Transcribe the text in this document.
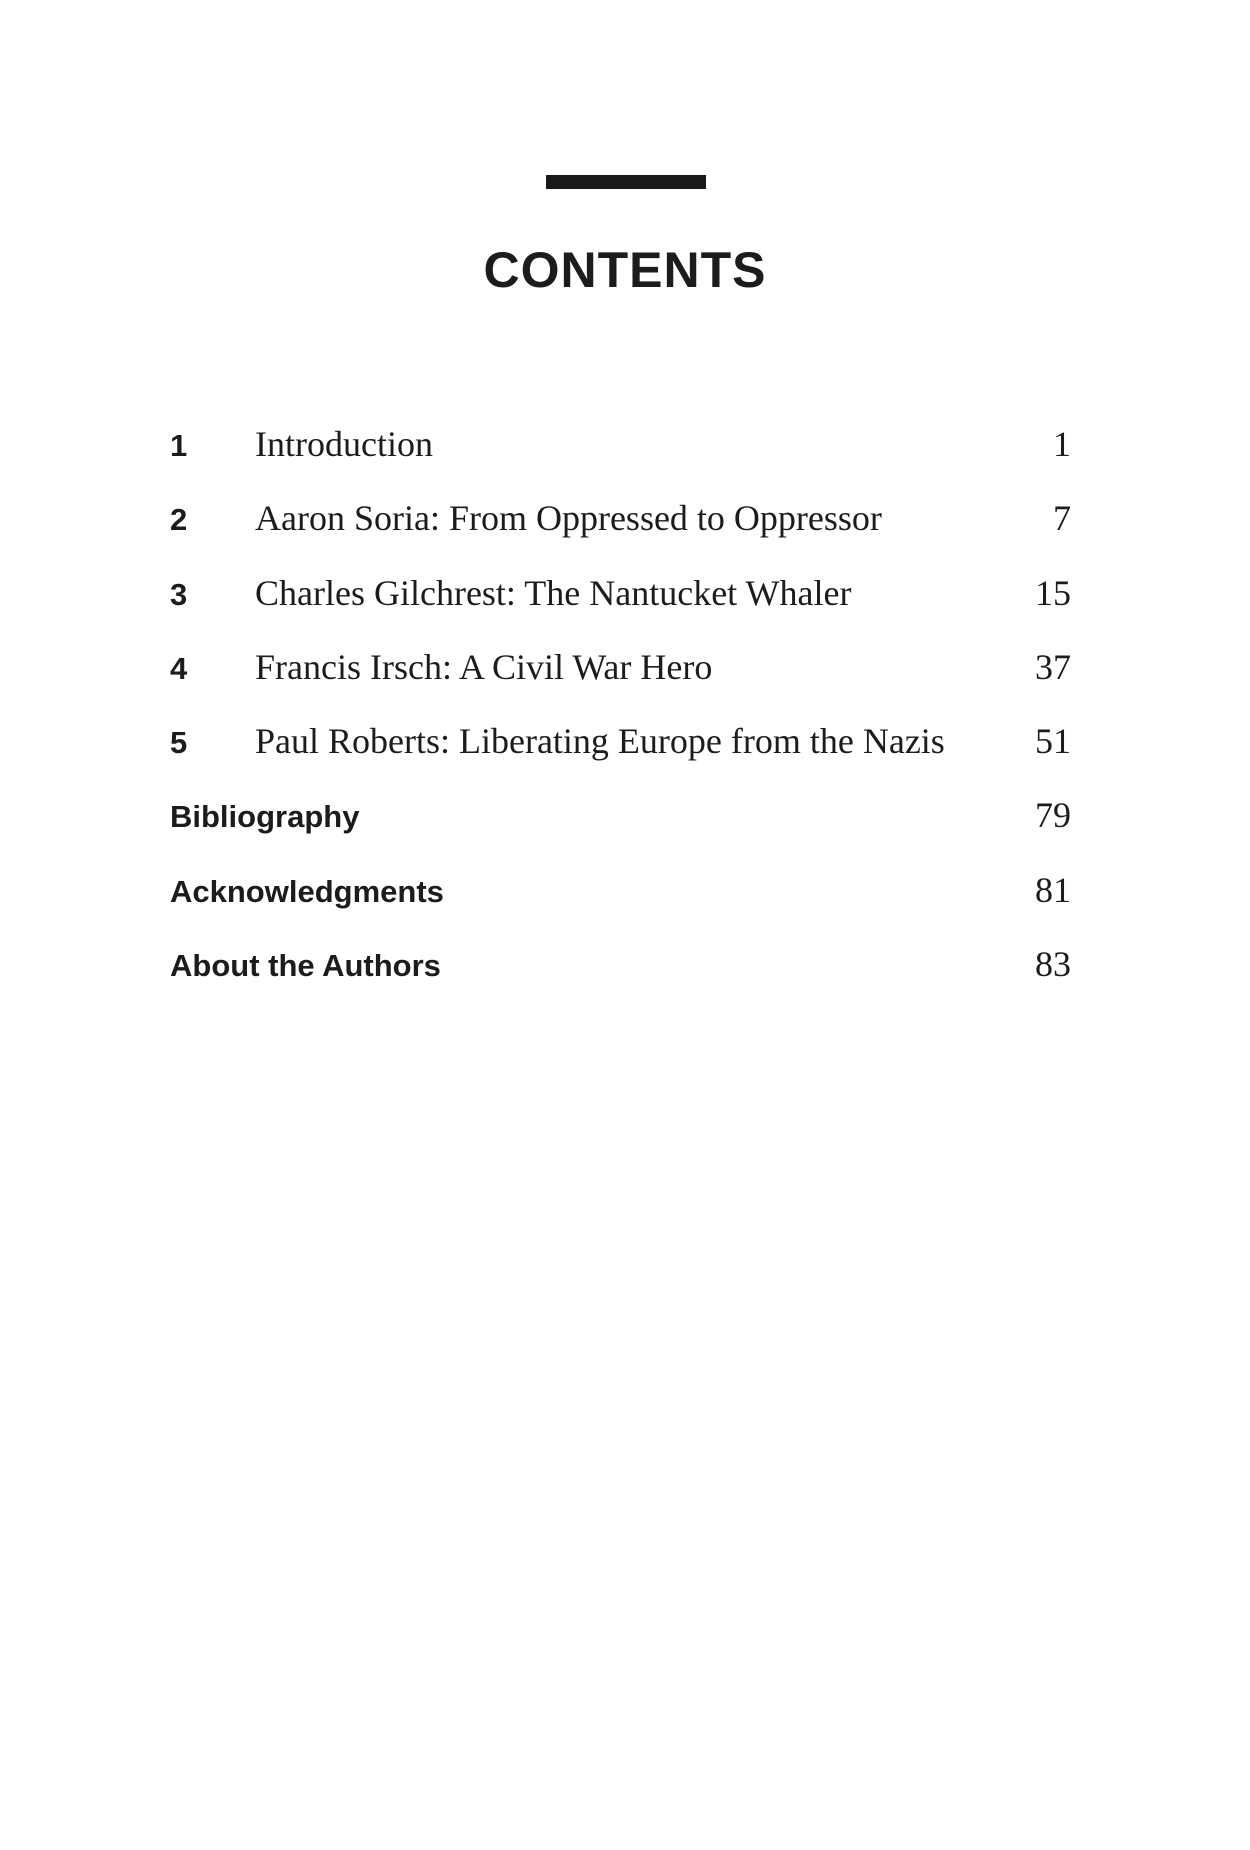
CONTENTS
1	Introduction	1
2	Aaron Soria: From Oppressed to Oppressor	7
3	Charles Gilchrest: The Nantucket Whaler	15
4	Francis Irsch: A Civil War Hero	37
5	Paul Roberts: Liberating Europe from the Nazis	51
Bibliography	79
Acknowledgments	81
About the Authors	83
